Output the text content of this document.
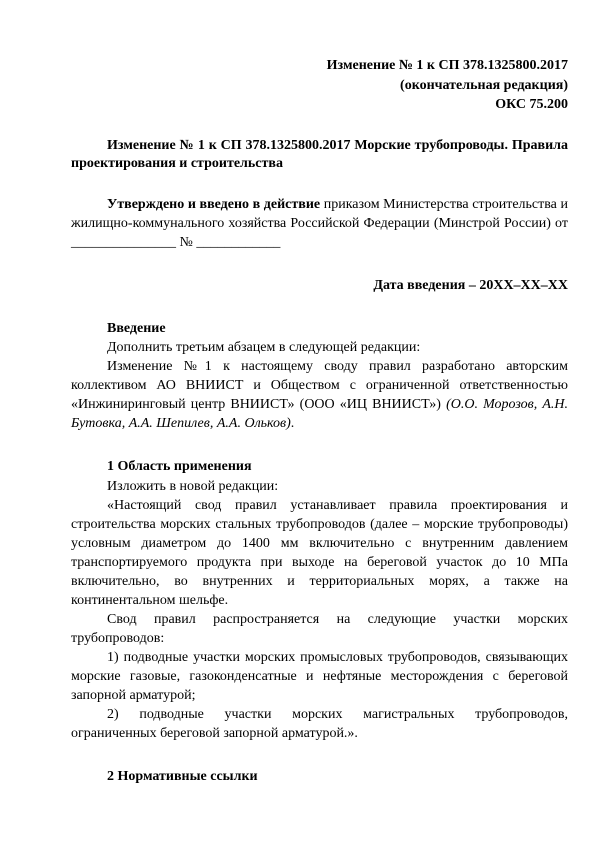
Изменение № 1 к СП 378.1325800.2017
(окончательная редакция)
ОКС 75.200
Изменение № 1 к СП 378.1325800.2017 Морские трубопроводы. Правила
проектирования и строительства
Утверждено и введено в действие приказом Министерства строительства и
жилищно-коммунального хозяйства Российской Федерации (Минстрой России) от
_______________ № ____________
Дата введения – 20ХХ–ХХ–ХХ
Введение
Дополнить третьим абзацем в следующей редакции:
Изменение №1 к настоящему своду правил разработано авторским
коллективом АО ВНИИСТ и Обществом с ограниченной ответственностью
«Инжиниринговый центр ВНИИСТ» (ООО «ИЦ ВНИИСТ») (О.О. Морозов, А.Н.
Бутовка, А.А. Шепилев, А.А. Ольков).
1 Область применения
Изложить в новой редакции:
«Настоящий свод правил устанавливает правила проектирования и
строительства морских стальных трубопроводов (далее – морские трубопроводы)
условным диаметром до 1400 мм включительно с внутренним давлением
транспортируемого продукта при выходе на береговой участок до 10 МПа
включительно, во внутренних и территориальных морях, а также на
континентальном шельфе.
Свод правил распространяется на следующие участки морских
трубопроводов:
1) подводные участки морских промысловых трубопроводов, связывающих
морские газовые, газоконденсатные и нефтяные месторождения с береговой
запорной арматурой;
2) подводные участки морских магистральных трубопроводов,
ограниченных береговой запорной арматурой.».
2 Нормативные ссылки
